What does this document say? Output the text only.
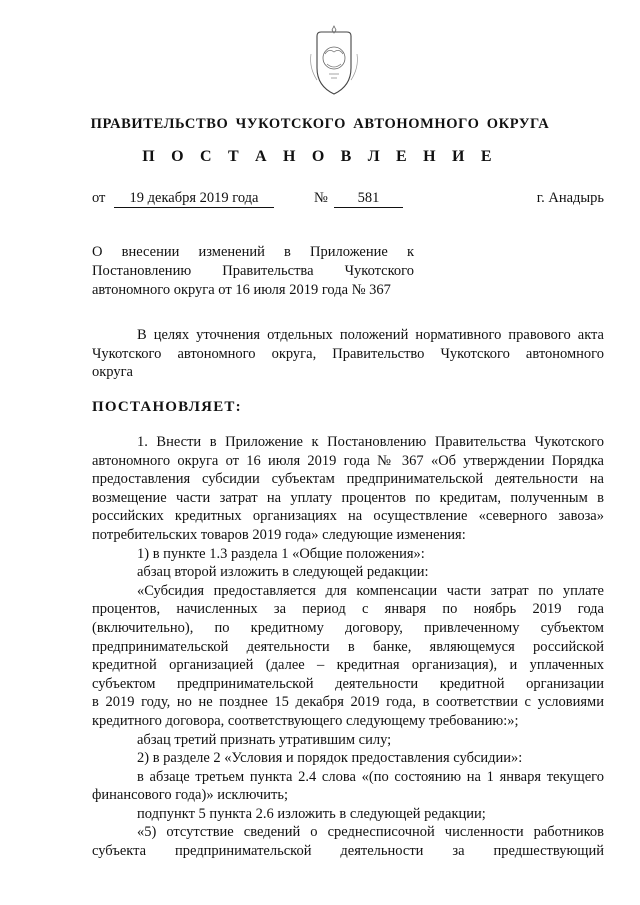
ПРАВИТЕЛЬСТВО ЧУКОТСКОГО АВТОНОМНОГО ОКРУГА
П О С Т А Н О В Л Е Н И Е
от	19 декабря 2019 года	№	581	г. Анадырь
О внесении изменений в Приложение к
Постановлению Правительства Чукотского
автономного округа от 16 июля 2019 года № 367
В целях уточнения отдельных положений нормативного правового акта
Чукотского автономного округа, Правительство Чукотского автономного
округа
ПОСТАНОВЛЯЕТ:
1. Внести в Приложение к Постановлению Правительства Чукотского
автономного округа от 16 июля 2019 года № 367 «Об утверждении Порядка
предоставления субсидии субъектам предпринимательской деятельности на
возмещение части затрат на уплату процентов по кредитам, полученным в
российских кредитных организациях на осуществление «северного завоза»
потребительских товаров 2019 года» следующие изменения:
1) в пункте 1.3 раздела 1 «Общие положения»:
абзац второй изложить в следующей редакции:
«Субсидия предоставляется для компенсации части затрат по уплате
процентов, начисленных за период с января по ноябрь 2019 года
(включительно), по кредитному договору, привлеченному субъектом
предпринимательской деятельности в банке, являющемуся российской
кредитной организацией (далее – кредитная организация), и уплаченных
субъектом предпринимательской деятельности кредитной организации
в 2019 году, но не позднее 15 декабря 2019 года, в соответствии с условиями
кредитного договора, соответствующего следующему требованию:»;
абзац третий признать утратившим силу;
2) в разделе 2 «Условия и порядок предоставления субсидии»:
в абзаце третьем пункта 2.4 слова «(по состоянию на 1 января текущего
финансового года)» исключить;
подпункт 5 пункта 2.6 изложить в следующей редакции;
«5) отсутствие сведений о среднесписочной численности работников
субъекта предпринимательской деятельности за предшествующий
